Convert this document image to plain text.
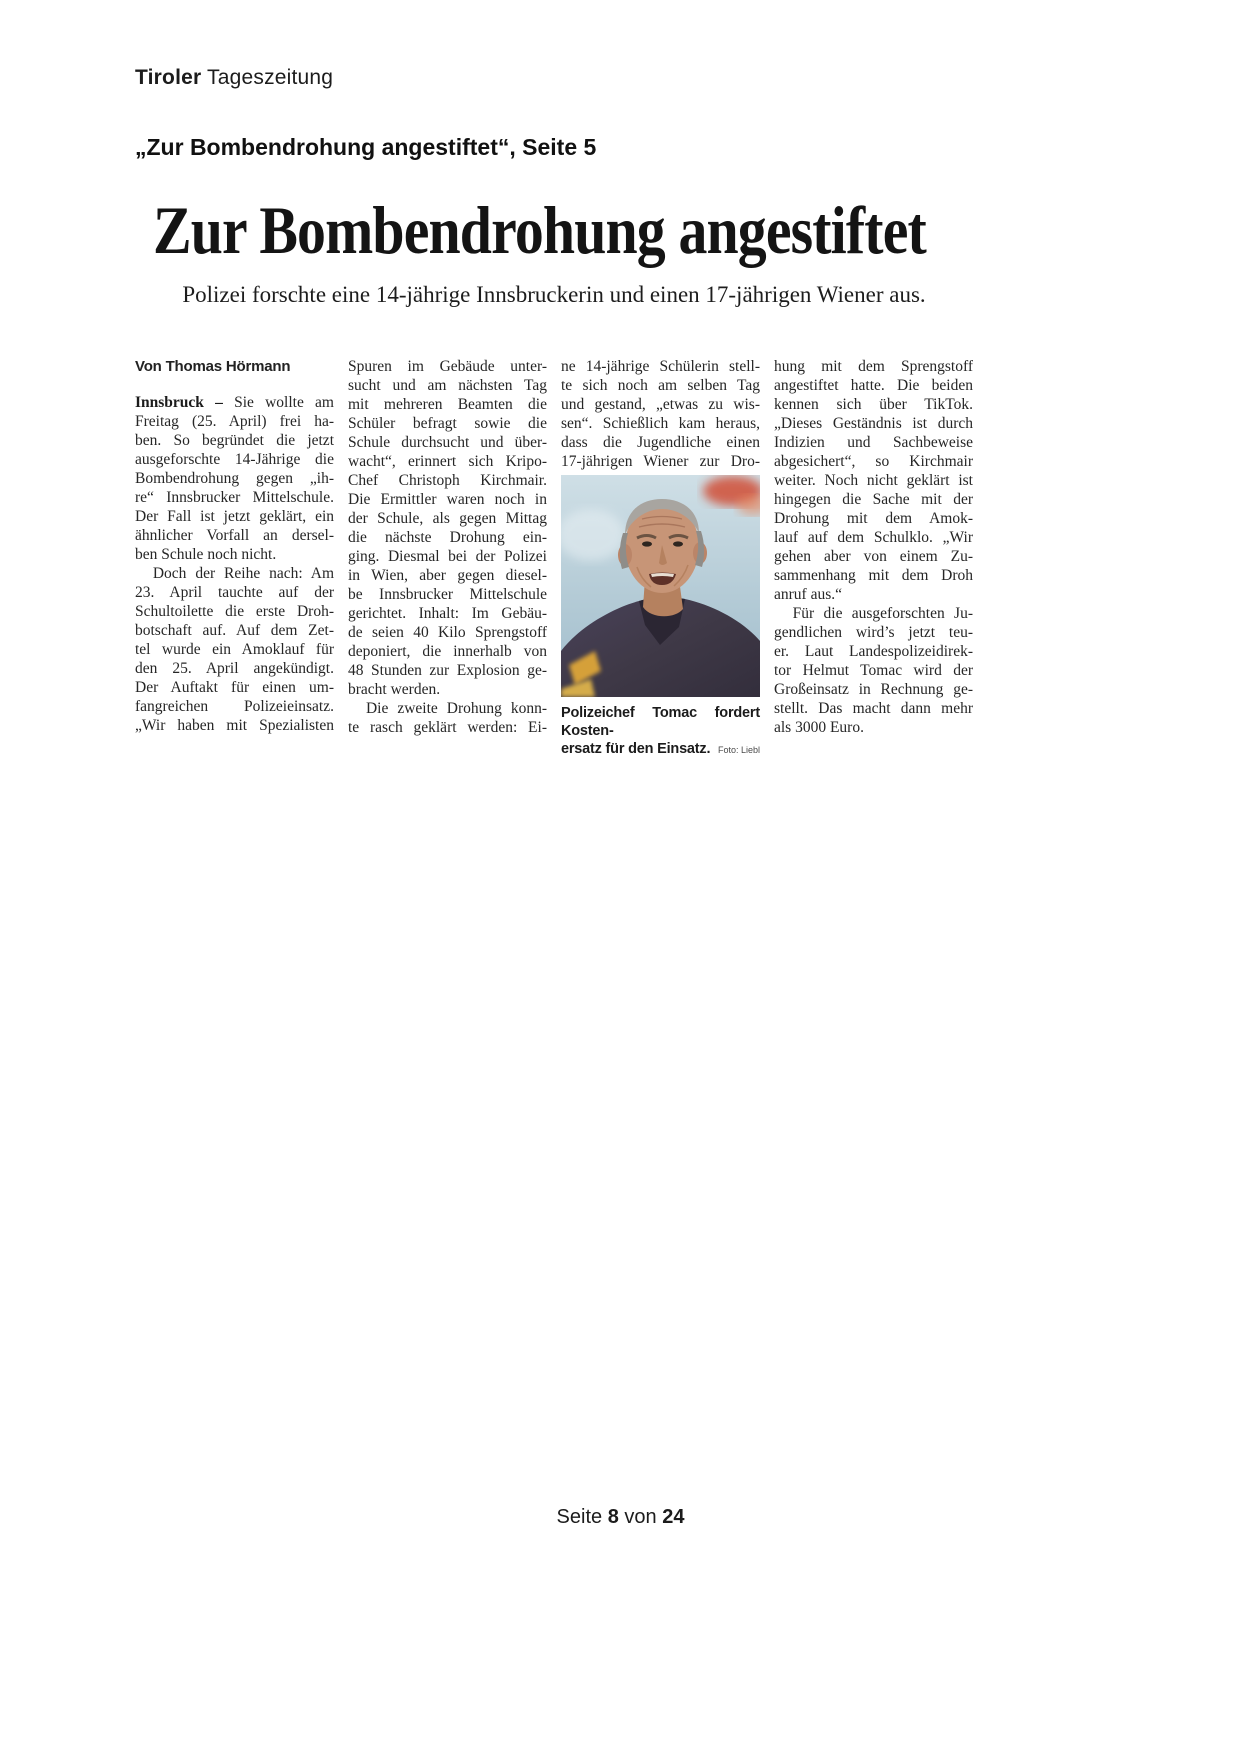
Tiroler Tageszeitung
„Zur Bombendrohung angestiftet“, Seite 5
Zur Bombendrohung angestiftet
Polizei forschte eine 14-jährige Innsbruckerin und einen 17-jährigen Wiener aus.
Von Thomas Hörmann
Innsbruck – Sie wollte am
Freitag (25. April) frei ha-
ben. So begründet die jetzt
ausgeforschte 14-Jährige die
Bombendrohung gegen „ih-
re“ Innsbrucker Mittelschule.
Der Fall ist jetzt geklärt, ein
ähnlicher Vorfall an dersel-
ben Schule noch nicht.
Doch der Reihe nach: Am
23. April tauchte auf der
Schultoilette die erste Droh-
botschaft auf. Auf dem Zet-
tel wurde ein Amoklauf für
den 25. April angekündigt.
Der Auftakt für einen um-
fangreichen Polizeieinsatz.
„Wir haben mit Spezialisten
Spuren im Gebäude unter-
sucht und am nächsten Tag
mit mehreren Beamten die
Schüler befragt sowie die
Schule durchsucht und über-
wacht“, erinnert sich Kripo-
Chef Christoph Kirchmair.
Die Ermittler waren noch in
der Schule, als gegen Mittag
die nächste Drohung ein-
ging. Diesmal bei der Polizei
in Wien, aber gegen diesel-
be Innsbrucker Mittelschule
gerichtet. Inhalt: Im Gebäu-
de seien 40 Kilo Sprengstoff
deponiert, die innerhalb von
48 Stunden zur Explosion ge-
bracht werden.
Die zweite Drohung konn-
te rasch geklärt werden: Ei-
ne 14-jährige Schülerin stell-
te sich noch am selben Tag
und gestand, „etwas zu wis-
sen“. Schießlich kam heraus,
dass die Jugendliche einen
17-jährigen Wiener zur Dro-
Polizeichef Tomac fordert Kosten-
ersatz für den Einsatz. Foto: Liebl
hung mit dem Sprengstoff
angestiftet hatte. Die beiden
kennen sich über TikTok.
„Dieses Geständnis ist durch
Indizien und Sachbeweise
abgesichert“, so Kirchmair
weiter. Noch nicht geklärt ist
hingegen die Sache mit der
Drohung mit dem Amok-
lauf auf dem Schulklo. „Wir
gehen aber von einem Zu-
sammenhang mit dem Droh
anruf aus.“
Für die ausgeforschten Ju-
gendlichen wird’s jetzt teu-
er. Laut Landespolizeidirek-
tor Helmut Tomac wird der
Großeinsatz in Rechnung ge-
stellt. Das macht dann mehr
als 3000 Euro.
Seite 8 von 24
